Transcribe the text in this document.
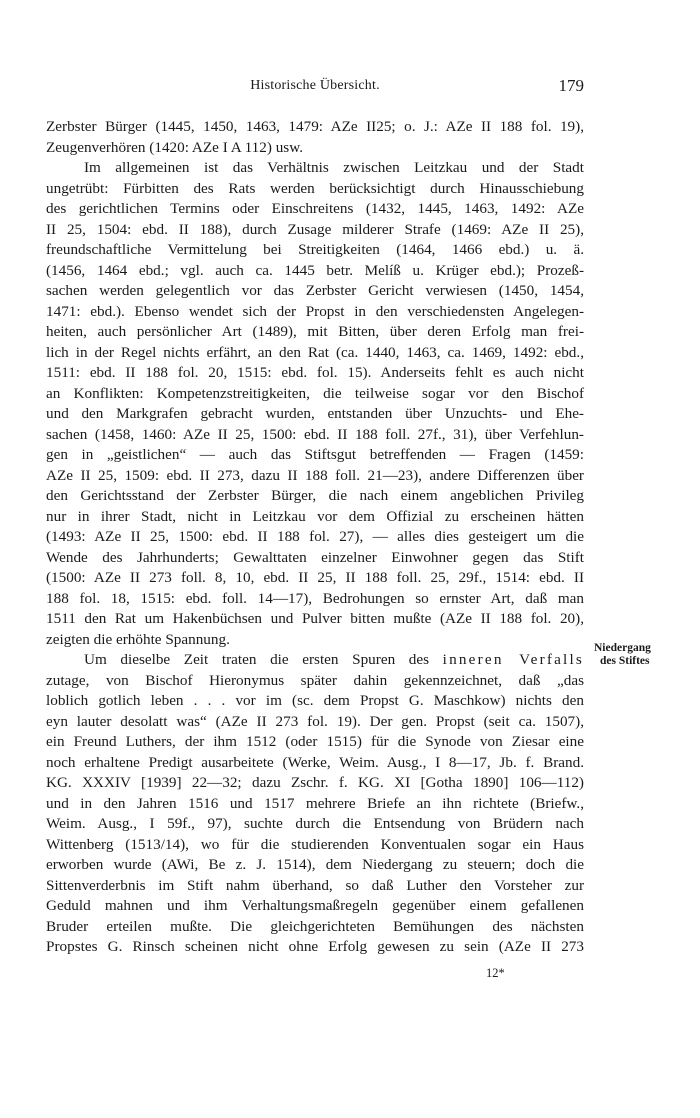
Historische Übersicht.	179
Zerbster Bürger (1445, 1450, 1463, 1479: AZe II25; o. J.: AZe II 188 fol. 19),
Zeugenverhören (1420: AZe I A 112) usw.
Im allgemeinen ist das Verhältnis zwischen Leitzkau und der Stadt
ungetrübt: Fürbitten des Rats werden berücksichtigt durch Hinausschiebung
des gerichtlichen Termins oder Einschreitens (1432, 1445, 1463, 1492: AZe
II 25, 1504: ebd. II 188), durch Zusage milderer Strafe (1469: AZe II 25),
freundschaftliche Vermittelung bei Streitigkeiten (1464, 1466 ebd.) u. ä.
(1456, 1464 ebd.; vgl. auch ca. 1445 betr. Melíß u. Krüger ebd.); Prozeß-
sachen werden gelegentlich vor das Zerbster Gericht verwiesen (1450, 1454,
1471: ebd.). Ebenso wendet sich der Propst in den verschiedensten Angelegen-
heiten, auch persönlicher Art (1489), mit Bitten, über deren Erfolg man frei-
lich in der Regel nichts erfährt, an den Rat (ca. 1440, 1463, ca. 1469, 1492: ebd.,
1511: ebd. II 188 fol. 20, 1515: ebd. fol. 15). Anderseits fehlt es auch nicht
an Konflikten: Kompetenzstreitigkeiten, die teilweise sogar vor den Bischof
und den Markgrafen gebracht wurden, entstanden über Unzuchts- und Ehe-
sachen (1458, 1460: AZe II 25, 1500: ebd. II 188 foll. 27f., 31), über Verfehlun-
gen in „geistlichen“ — auch das Stiftsgut betreffenden — Fragen (1459:
AZe II 25, 1509: ebd. II 273, dazu II 188 foll. 21—23), andere Differenzen über
den Gerichtsstand der Zerbster Bürger, die nach einem angeblichen Privileg
nur in ihrer Stadt, nicht in Leitzkau vor dem Offizial zu erscheinen hätten
(1493: AZe II 25, 1500: ebd. II 188 fol. 27), — alles dies gesteigert um die
Wende des Jahrhunderts; Gewalttaten einzelner Einwohner gegen das Stift
(1500: AZe II 273 foll. 8, 10, ebd. II 25, II 188 foll. 25, 29f., 1514: ebd. II
188 fol. 18, 1515: ebd. foll. 14—17), Bedrohungen so ernster Art, daß man
1511 den Rat um Hakenbüchsen und Pulver bitten mußte (AZe II 188 fol. 20),
zeigten die erhöhte Spannung.
Um dieselbe Zeit traten die ersten Spuren des inneren Verfalls
zutage, von Bischof Hieronymus später dahin gekennzeichnet, daß „das
loblich gotlich leben . . . vor im (sc. dem Propst G. Maschkow) nichts den
eyn lauter desolatt was“ (AZe II 273 fol. 19). Der gen. Propst (seit ca. 1507),
ein Freund Luthers, der ihm 1512 (oder 1515) für die Synode von Ziesar eine
noch erhaltene Predigt ausarbeitete (Werke, Weim. Ausg., I 8—17, Jb. f. Brand.
KG. XXXIV [1939] 22—32; dazu Zschr. f. KG. XI [Gotha 1890] 106—112)
und in den Jahren 1516 und 1517 mehrere Briefe an ihn richtete (Briefw.,
Weim. Ausg., I 59f., 97), suchte durch die Entsendung von Brüdern nach
Wittenberg (1513/14), wo für die studierenden Konventualen sogar ein Haus
erworben wurde (AWi, Be z. J. 1514), dem Niedergang zu steuern; doch die
Sittenverderbnis im Stift nahm überhand, so daß Luther den Vorsteher zur
Geduld mahnen und ihm Verhaltungsmaßregeln gegenüber einem gefallenen
Bruder erteilen mußte. Die gleichgerichteten Bemühungen des nächsten
Propstes G. Rinsch scheinen nicht ohne Erfolg gewesen zu sein (AZe II 273
Niedergang
des Stiftes
12*
